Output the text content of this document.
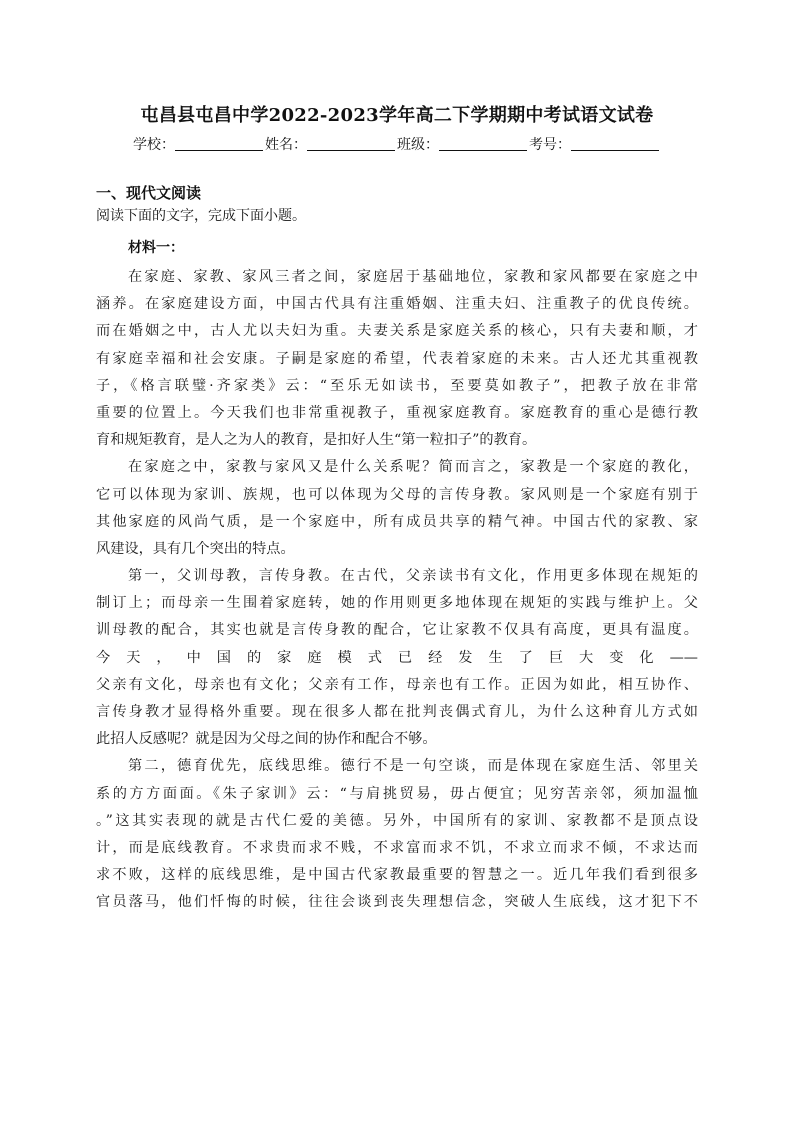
屯昌县屯昌中学2022-2023学年高二下学期期中考试语文试卷
学校：	姓名：	班级：	考号：
一、现代文阅读
阅读下面的文字，完成下面小题。
材料一：
在家庭、家教、家风三者之间，家庭居于基础地位，家教和家风都要在家庭之中
涵养。在家庭建设方面，中国古代具有注重婚姻、注重夫妇、注重教子的优良传统。
而在婚姻之中，古人尤以夫妇为重。夫妻关系是家庭关系的核心，只有夫妻和顺，才
有家庭幸福和社会安康。子嗣是家庭的希望，代表着家庭的未来。古人还尤其重视教
子，《格言联璧·齐家类》云：“至乐无如读书，至要莫如教子”，把教子放在非常
重要的位置上。今天我们也非常重视教子，重视家庭教育。家庭教育的重心是德行教
育和规矩教育，是人之为人的教育，是扣好人生“第一粒扣子”的教育。
在家庭之中，家教与家风又是什么关系呢？简而言之，家教是一个家庭的教化，
它可以体现为家训、族规，也可以体现为父母的言传身教。家风则是一个家庭有别于
其他家庭的风尚气质，是一个家庭中，所有成员共享的精气神。中国古代的家教、家
风建设，具有几个突出的特点。
第一，父训母教，言传身教。在古代，父亲读书有文化，作用更多体现在规矩的
制订上；而母亲一生围着家庭转，她的作用则更多地体现在规矩的实践与维护上。父
训母教的配合，其实也就是言传身教的配合，它让家教不仅具有高度，更具有温度。
今天，中国的家庭模式已经发生了巨大变化——
父亲有文化，母亲也有文化；父亲有工作，母亲也有工作。正因为如此，相互协作、
言传身教才显得格外重要。现在很多人都在批判丧偶式育儿，为什么这种育儿方式如
此招人反感呢？就是因为父母之间的协作和配合不够。
第二，德育优先，底线思维。德行不是一句空谈，而是体现在家庭生活、邻里关
系的方方面面。《朱子家训》云：“与肩挑贸易，毋占便宜；见穷苦亲邻，须加温恤
。”这其实表现的就是古代仁爱的美德。另外，中国所有的家训、家教都不是顶点设
计，而是底线教育。不求贵而求不贱，不求富而求不饥，不求立而求不倾，不求达而
求不败，这样的底线思维，是中国古代家教最重要的智慧之一。近几年我们看到很多
官员落马，他们忏悔的时候，往往会谈到丧失理想信念，突破人生底线，这才犯下不
